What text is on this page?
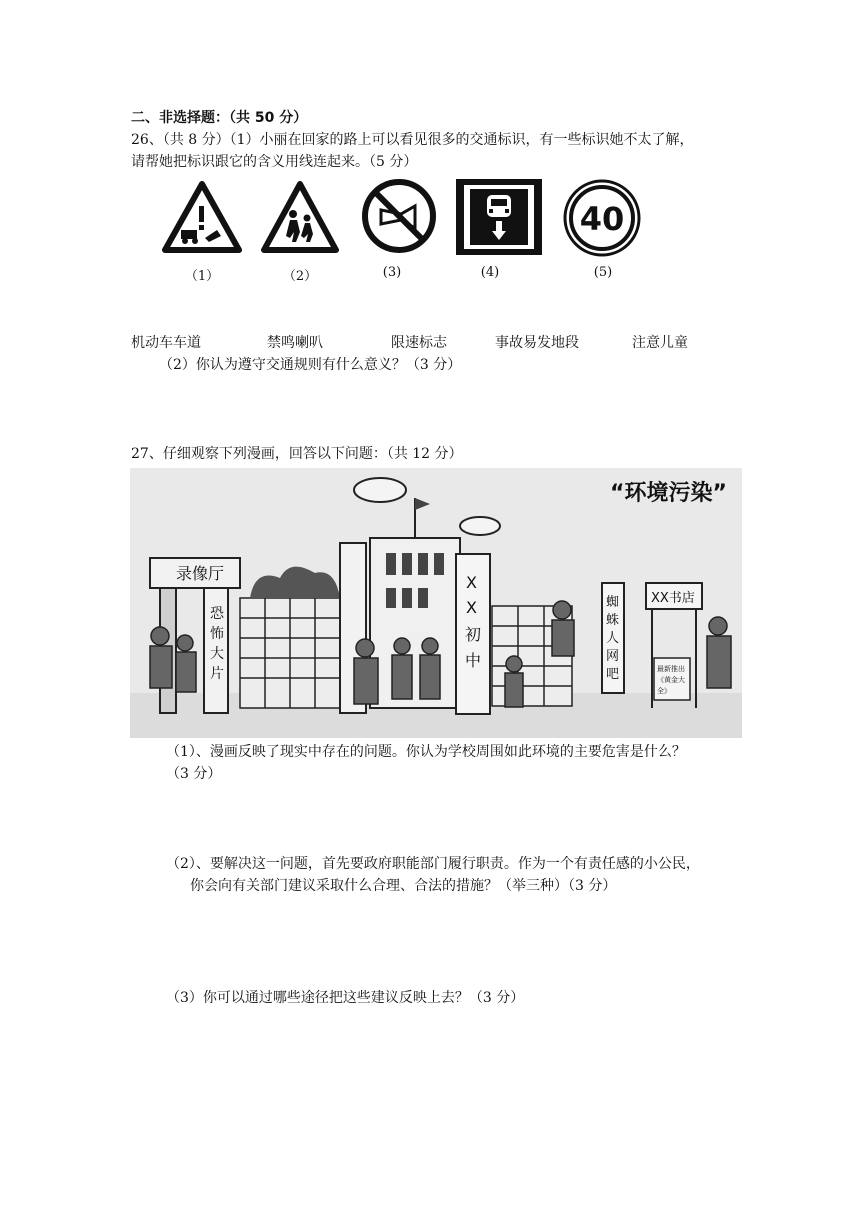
二、非选择题：（共 50 分）
26、（共 8 分）（1）小丽在回家的路上可以看见很多的交通标识，有一些标识她不太了解，
请帮她把标识跟它的含义用线连起来。（5 分）
40
（1）	（2）	(3)	(4)	(5)
机动车车道	禁鸣喇叭	限速标志	事故易发地段	注意儿童
（2）你认为遵守交通规则有什么意义？（3 分）
27、仔细观察下列漫画，回答以下问题：（共 12 分）
“环境污染”
录像厅
恐
怖
大
片
X
X
初
中
蜘
蛛
人
网
吧
XX书店
最新推出
《黄金大
全》
（1）、漫画反映了现实中存在的问题。你认为学校周围如此环境的主要危害是什么？
（3 分）
（2）、要解决这一问题，首先要政府职能部门履行职责。作为一个有责任感的小公民，
你会向有关部门建议采取什么合理、合法的措施？（举三种）（3 分）
（3）你可以通过哪些途径把这些建议反映上去？（3 分）
